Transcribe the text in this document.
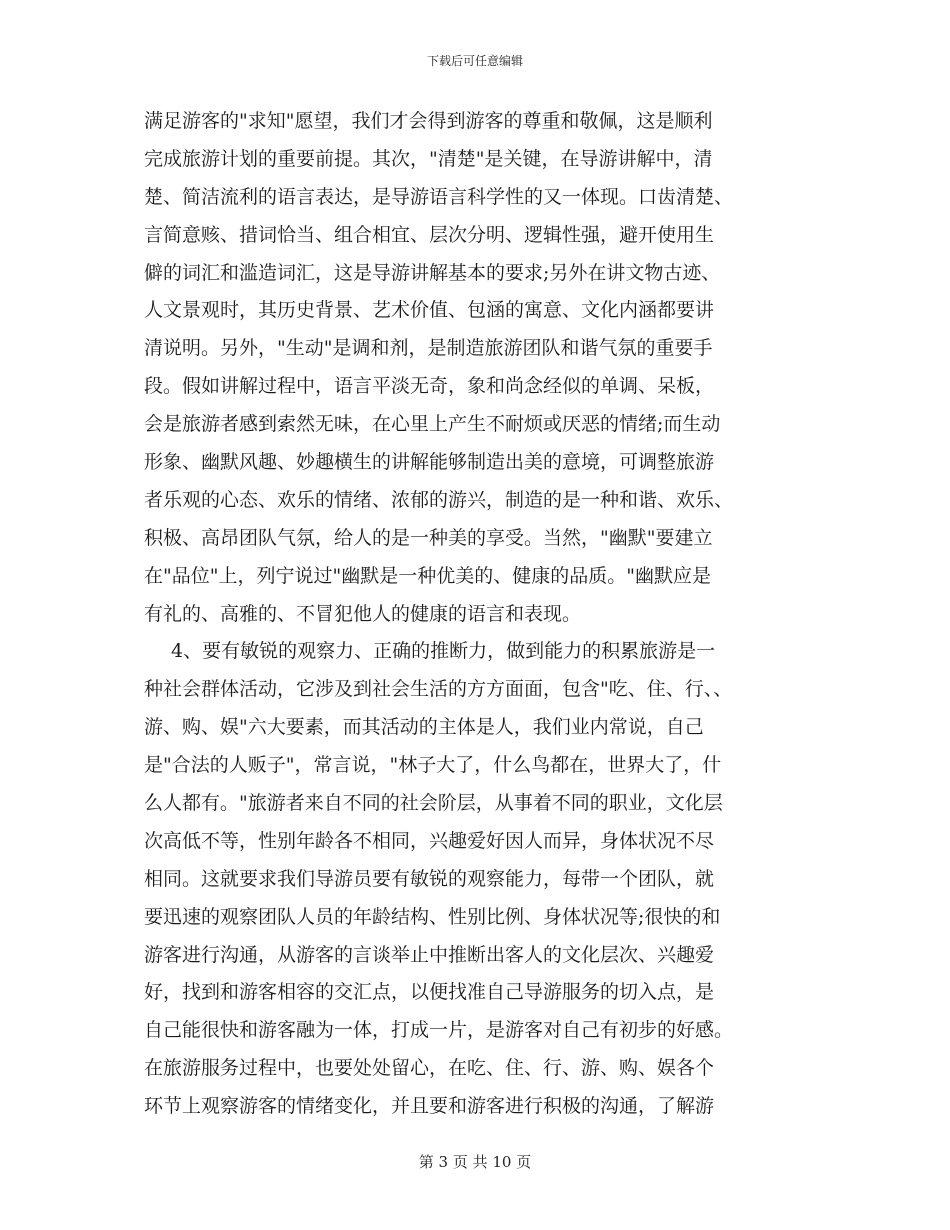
下载后可任意编辑
满足游客的"求知"愿望，我们才会得到游客的尊重和敬佩，这是顺利
完成旅游计划的重要前提。其次，"清楚"是关键，在导游讲解中，清
楚、简洁流利的语言表达，是导游语言科学性的又一体现。口齿清楚、
言简意赅、措词恰当、组合相宜、层次分明、逻辑性强，避开使用生
僻的词汇和滥造词汇，这是导游讲解基本的要求;另外在讲文物古迹、
人文景观时，其历史背景、艺术价值、包涵的寓意、文化内涵都要讲
清说明。另外，"生动"是调和剂，是制造旅游团队和谐气氛的重要手
段。假如讲解过程中，语言平淡无奇，象和尚念经似的单调、呆板，
会是旅游者感到索然无味，在心里上产生不耐烦或厌恶的情绪;而生动
形象、幽默风趣、妙趣横生的讲解能够制造出美的意境，可调整旅游
者乐观的心态、欢乐的情绪、浓郁的游兴，制造的是一种和谐、欢乐、
积极、高昂团队气氛，给人的是一种美的享受。当然，"幽默"要建立
在"品位"上，列宁说过"幽默是一种优美的、健康的品质。"幽默应是
有礼的、高雅的、不冒犯他人的健康的语言和表现。
4、要有敏锐的观察力、正确的推断力，做到能力的积累旅游是一
种社会群体活动，它涉及到社会生活的方方面面，包含"吃、住、行、、
游、购、娱"六大要素，而其活动的主体是人，我们业内常说，自己
是"合法的人贩子"，常言说，"林子大了，什么鸟都在，世界大了，什
么人都有。"旅游者来自不同的社会阶层，从事着不同的职业，文化层
次高低不等，性别年龄各不相同，兴趣爱好因人而异，身体状况不尽
相同。这就要求我们导游员要有敏锐的观察能力，每带一个团队，就
要迅速的观察团队人员的年龄结构、性别比例、身体状况等;很快的和
游客进行沟通，从游客的言谈举止中推断出客人的文化层次、兴趣爱
好，找到和游客相容的交汇点，以便找准自己导游服务的切入点，是
自己能很快和游客融为一体，打成一片，是游客对自己有初步的好感。
在旅游服务过程中，也要处处留心，在吃、住、行、游、购、娱各个
环节上观察游客的情绪变化，并且要和游客进行积极的沟通，了解游
第 3 页 共 10 页
